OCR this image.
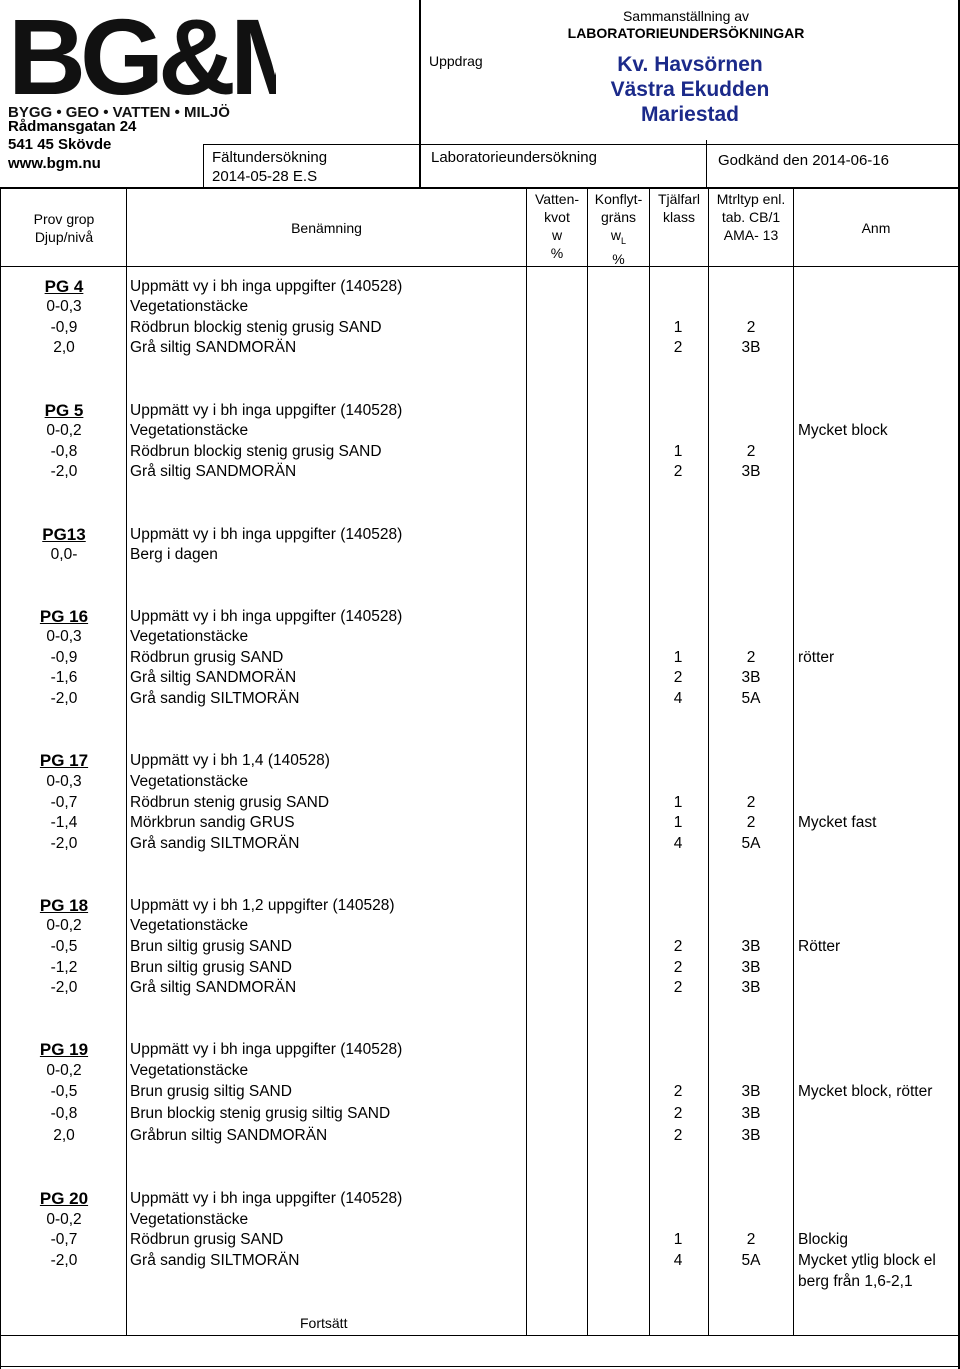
BG&M
BYGG • GEO • VATTEN • MILJÖ
Rådmansgatan 24
541 45 Skövde
www.bgm.nu
Sammanställning av
LABORATORIEUNDERSÖKNINGAR
Uppdrag	Kv. Havsörnen
Västra Ekudden
Mariestad
Fältundersökning
2014-05-28 E.S
Laboratorieundersökning	Godkänd den 2014-06-16
Prov grop
Djup/nivå
Benämning
Vatten-
kvot
w
%
Konflyt-
gräns
$w_L$
%
Tjälfarl
klass
Mtrltyp enl.
tab. CB/1
AMA- 13	Anm
PG 4	Uppmätt vy i bh inga uppgifter (140528)
0-0,3	Vegetationstäcke
-0,9	Rödbrun blockig stenig grusig SAND	1	2
2,0	Grå siltig SANDMORÄN	2	3B
PG 5	Uppmätt vy i bh inga uppgifter (140528)
0-0,2	Vegetationstäcke	Mycket block
-0,8	Rödbrun blockig stenig grusig SAND	1	2
-2,0	Grå siltig SANDMORÄN	2	3B
PG13	Uppmätt vy i bh inga uppgifter (140528)
0,0-	Berg i dagen
PG 16	Uppmätt vy i bh inga uppgifter (140528)
0-0,3	Vegetationstäcke
-0,9	Rödbrun grusig SAND	1	2	rötter
-1,6	Grå siltig SANDMORÄN	2	3B
-2,0	Grå sandig SILTMORÄN	4	5A
PG 17	Uppmätt vy i bh 1,4 (140528)
0-0,3	Vegetationstäcke
-0,7	Rödbrun stenig grusig SAND	1	2
-1,4	Mörkbrun sandig GRUS	1	2	Mycket fast
-2,0	Grå sandig SILTMORÄN	4	5A
PG 18	Uppmätt vy i bh 1,2 uppgifter (140528)
0-0,2	Vegetationstäcke
-0,5	Brun siltig grusig SAND	2	3B	Rötter
-1,2	Brun siltig grusig SAND	2	3B
-2,0	Grå siltig SANDMORÄN	2	3B
PG 19	Uppmätt vy i bh inga uppgifter (140528)
0-0,2	Vegetationstäcke
-0,5	Brun grusig siltig SAND	2	3B	Mycket block, rötter
-0,8	Brun blockig stenig grusig siltig SAND	2	3B
2,0	Gråbrun siltig SANDMORÄN	2	3B
PG 20	Uppmätt vy i bh inga uppgifter (140528)
0-0,2	Vegetationstäcke
-0,7	Rödbrun grusig SAND	1	2	Blockig
-2,0	Grå sandig SILTMORÄN	4	5A	Mycket ytlig block el
berg från 1,6-2,1
Fortsätt
